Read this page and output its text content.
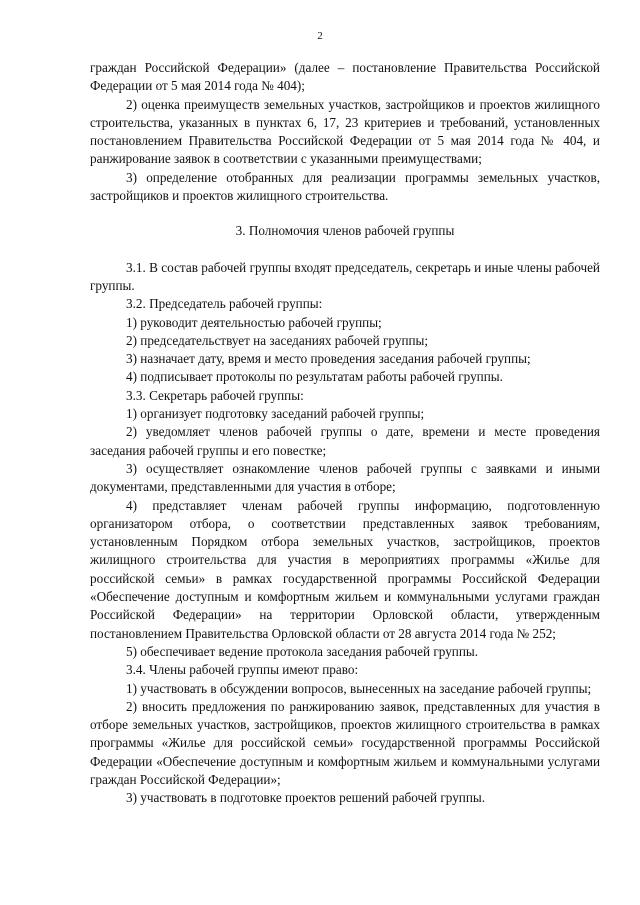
2

граждан Российской Федерации» (далее – постановление Правительства Российской Федерации от 5 мая 2014 года № 404);

2) оценка преимуществ земельных участков, застройщиков и проектов жилищного строительства, указанных в пунктах 6, 17, 23 критериев и требований, установленных постановлением Правительства Российской Федерации от 5 мая 2014 года № 404, и ранжирование заявок в соответствии с указанными преимуществами;

3) определение отобранных для реализации программы земельных участков, застройщиков и проектов жилищного строительства.

3. Полномочия членов рабочей группы

3.1. В состав рабочей группы входят председатель, секретарь и иные члены рабочей группы.

3.2. Председатель рабочей группы:

1) руководит деятельностью рабочей группы;

2) председательствует на заседаниях рабочей группы;

3) назначает дату, время и место проведения заседания рабочей группы;

4) подписывает протоколы по результатам работы рабочей группы.

3.3. Секретарь рабочей группы:

1) организует подготовку заседаний рабочей группы;

2) уведомляет членов рабочей группы о дате, времени и месте проведения заседания рабочей группы и его повестке;

3) осуществляет ознакомление членов рабочей группы с заявками и иными документами, представленными для участия в отборе;

4) представляет членам рабочей группы информацию, подготовленную организатором отбора, о соответствии представленных заявок требованиям, установленным Порядком отбора земельных участков, застройщиков, проектов жилищного строительства для участия в мероприятиях программы «Жилье для российской семьи» в рамках государственной программы Российской Федерации «Обеспечение доступным и комфортным жильем и коммунальными услугами граждан Российской Федерации» на территории Орловской области, утвержденным постановлением Правительства Орловской области от 28 августа 2014 года № 252;

5) обеспечивает ведение протокола заседания рабочей группы.

3.4. Члены рабочей группы имеют право:

1) участвовать в обсуждении вопросов, вынесенных на заседание рабочей группы;

2) вносить предложения по ранжированию заявок, представленных для участия в отборе земельных участков, застройщиков, проектов жилищного строительства в рамках программы «Жилье для российской семьи» государственной программы Российской Федерации «Обеспечение доступным и комфортным жильем и коммунальными услугами граждан Российской Федерации»;

3) участвовать в подготовке проектов решений рабочей группы.
